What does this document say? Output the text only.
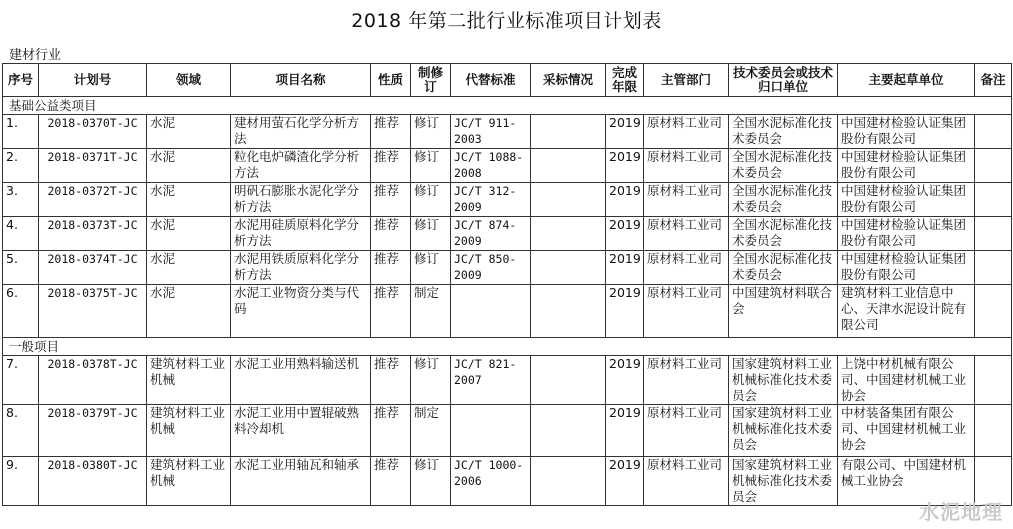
2018 年第二批行业标准项目计划表
建材行业
序号	计划号	领域	项目名称	性质	制修订	代替标准	采标情况	完成年限	主管部门	技术委员会或技术归口单位	主要起草单位	备注
基础公益类项目												
1.	2018-0370T-JC	水泥	建材用萤石化学分析方法	推荐	修订	JC/T 911-2003		2019	原材料工业司	全国水泥标准化技术委员会	中国建材检验认证集团股份有限公司	
2.	2018-0371T-JC	水泥	粒化电炉磷渣化学分析方法	推荐	修订	JC/T 1088-2008		2019	原材料工业司	全国水泥标准化技术委员会	中国建材检验认证集团股份有限公司	
3.	2018-0372T-JC	水泥	明矾石膨胀水泥化学分析方法	推荐	修订	JC/T 312-2009		2019	原材料工业司	全国水泥标准化技术委员会	中国建材检验认证集团股份有限公司	
4.	2018-0373T-JC	水泥	水泥用硅质原料化学分析方法	推荐	修订	JC/T 874-2009		2019	原材料工业司	全国水泥标准化技术委员会	中国建材检验认证集团股份有限公司	
5.	2018-0374T-JC	水泥	水泥用铁质原料化学分析方法	推荐	修订	JC/T 850-2009		2019	原材料工业司	全国水泥标准化技术委员会	中国建材检验认证集团股份有限公司	
6.	2018-0375T-JC	水泥	水泥工业物资分类与代码	推荐	制定			2019	原材料工业司	中国建筑材料联合会	建筑材料工业信息中心、天津水泥设计院有限公司	
一般项目												
7.	2018-0378T-JC	建筑材料工业机械	水泥工业用熟料输送机	推荐	修订	JC/T 821-2007		2019	原材料工业司	国家建筑材料工业机械标准化技术委员会	上饶中材机械有限公司、中国建材机械工业协会	
8.	2018-0379T-JC	建筑材料工业机械	水泥工业用中置辊破熟料冷却机	推荐	制定			2019	原材料工业司	国家建筑材料工业机械标准化技术委员会	中材装备集团有限公司、中国建材机械工业协会	
9.	2018-0380T-JC	建筑材料工业机械	水泥工业用轴瓦和轴承	推荐	修订	JC/T 1000-2006		2019	原材料工业司	国家建筑材料工业机械标准化技术委员会	有限公司、中国建材机械工业协会	
水泥地理
